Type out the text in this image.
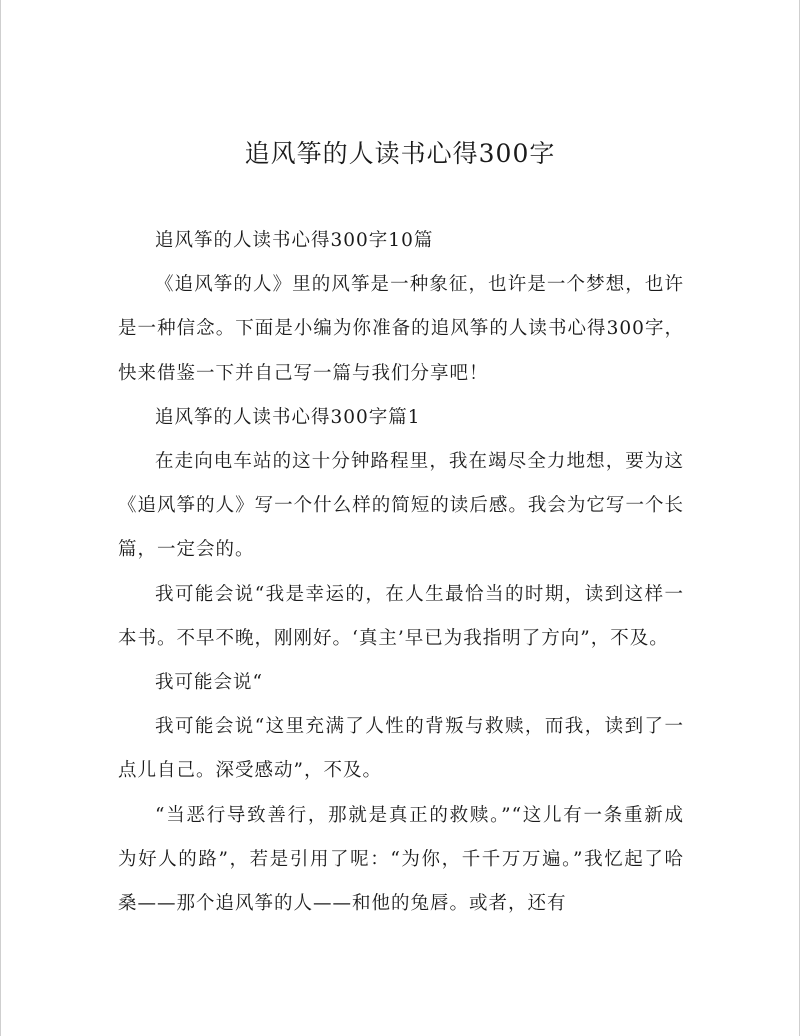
追风筝的人读书心得300字

追风筝的人读书心得300字10篇

《追风筝的人》里的风筝是一种象征，也许是一个梦想，也许是一种信念。下面是小编为你准备的追风筝的人读书心得300字，快来借鉴一下并自己写一篇与我们分享吧！

追风筝的人读书心得300字篇1

在走向电车站的这十分钟路程里，我在竭尽全力地想，要为这《追风筝的人》写一个什么样的简短的读后感。我会为它写一个长篇，一定会的。

我可能会说“我是幸运的，在人生最恰当的时期，读到这样一本书。不早不晚，刚刚好。‘真主’早已为我指明了方向”，不及。

我可能会说“

我可能会说“这里充满了人性的背叛与救赎，而我，读到了一点儿自己。深受感动”，不及。

“当恶行导致善行，那就是真正的救赎。”“这儿有一条重新成为好人的路”，若是引用了呢：“为你，千千万万遍。”我忆起了哈桑——那个追风筝的人——和他的兔唇。或者，还有
